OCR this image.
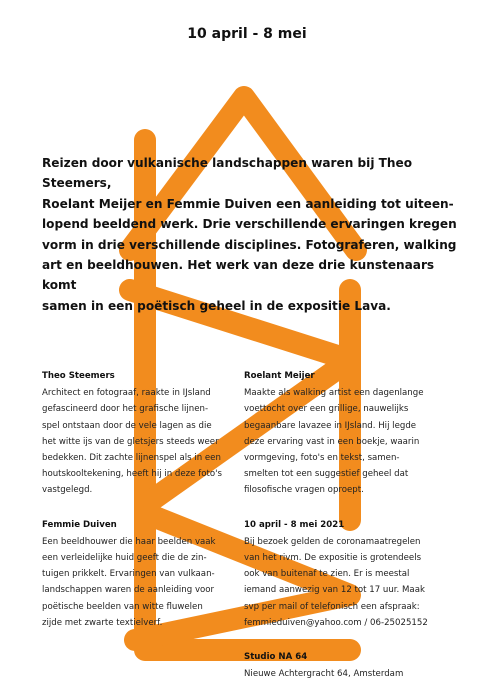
10 april - 8 mei

Reizen door vulkanische landschappen waren bij Theo Steemers,
Roelant Meijer en Femmie Duiven een aanleiding tot uiteen-
lopend beeldend werk. Drie verschillende ervaringen kregen
vorm in drie verschillende disciplines. Fotograferen, walking
art en beeldhouwen. Het werk van deze drie kunstenaars komt
samen in een poëtisch geheel in de expositie Lava.

Theo Steemers

Architect en fotograaf, raakte in IJsland
gefascineerd door het grafische lijnen-
spel ontstaan door de vele lagen as die
het witte ijs van de gletsjers steeds weer
bedekken. Dit zachte lijnenspel als in een
houtskooltekening, heeft hij in deze foto's
vastgelegd.

Femmie Duiven

Een beeldhouwer die haar beelden vaak
een verleidelijke huid geeft die de zin-
tuigen prikkelt. Ervaringen van vulkaan-
landschappen waren de aanleiding voor
poëtische beelden van witte fluwelen
zijde met zwarte textielverf.

Roelant Meijer

Maakte als walking artist een dagenlange
voettocht over een grillige, nauwelijks
begaanbare lavazee in IJsland. Hij legde
deze ervaring vast in een boekje, waarin
vormgeving, foto's en tekst, samen-
smelten tot een suggestief geheel dat
filosofische vragen oproept.

10 april - 8 mei 2021

Bij bezoek gelden de coronamaatregelen
van het rivm. De expositie is grotendeels
ook van buitenaf te zien. Er is meestal
iemand aanwezig van 12 tot 17 uur. Maak
svp per mail of telefonisch een afspraak:
femmieduiven@yahoo.com / 06-25025152

Studio NA 64

Nieuwe Achtergracht 64, Amsterdam
